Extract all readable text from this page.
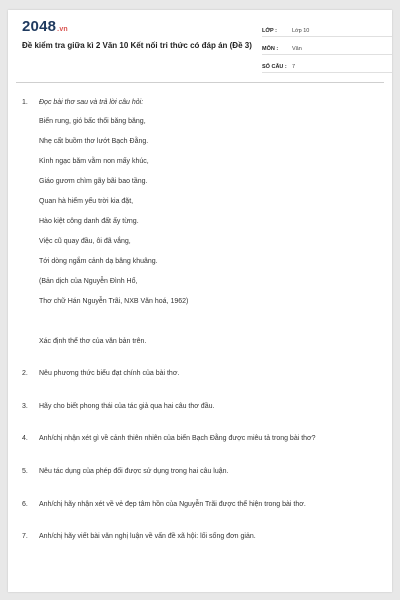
2048.vn
Đề kiểm tra giữa kì 2 Văn 10 Kết nối tri thức có đáp án (Đề 3)
LỚP :	Lớp 10
MÔN :	Văn
SỐ CÂU : 7
1.	Đọc bài thơ sau và trả lời câu hỏi:
Biển rung, gió bấc thổi băng băng,
Nhẹ cất buồm thơ lướt Bạch Đằng.
Kình ngạc băm vằm non mấy khúc,
Giáo gươm chìm gãy bãi bao tầng.
Quan hà hiểm yếu trời kia đặt,
Hào kiệt công danh đất ấy từng.
Việc cũ quay đầu, ôi đã vắng,
Tới dòng ngắm cảnh dạ bâng khuâng.
(Bản dịch của Nguyễn Đình Hổ,
Thơ chữ Hán Nguyễn Trãi, NXB Văn hoá, 1962)
Xác định thể thơ của văn bản trên.
2.	Nêu phương thức biểu đạt chính của bài thơ.
3.	Hãy cho biết phong thái của tác giả qua hai câu thơ đầu.
4.	Anh/chị nhận xét gì về cảnh thiên nhiên của biển Bạch Đằng được miêu tả trong bài thơ?
5.	Nêu tác dụng của phép đối được sử dụng trong hai câu luận.
6.	Anh/chị hãy nhận xét về vẻ đẹp tâm hồn của Nguyễn Trãi được thể hiện trong bài thơ.
7.	Anh/chị hãy viết bài văn nghị luận về vấn đề xã hội: lối sống đơn giản.
